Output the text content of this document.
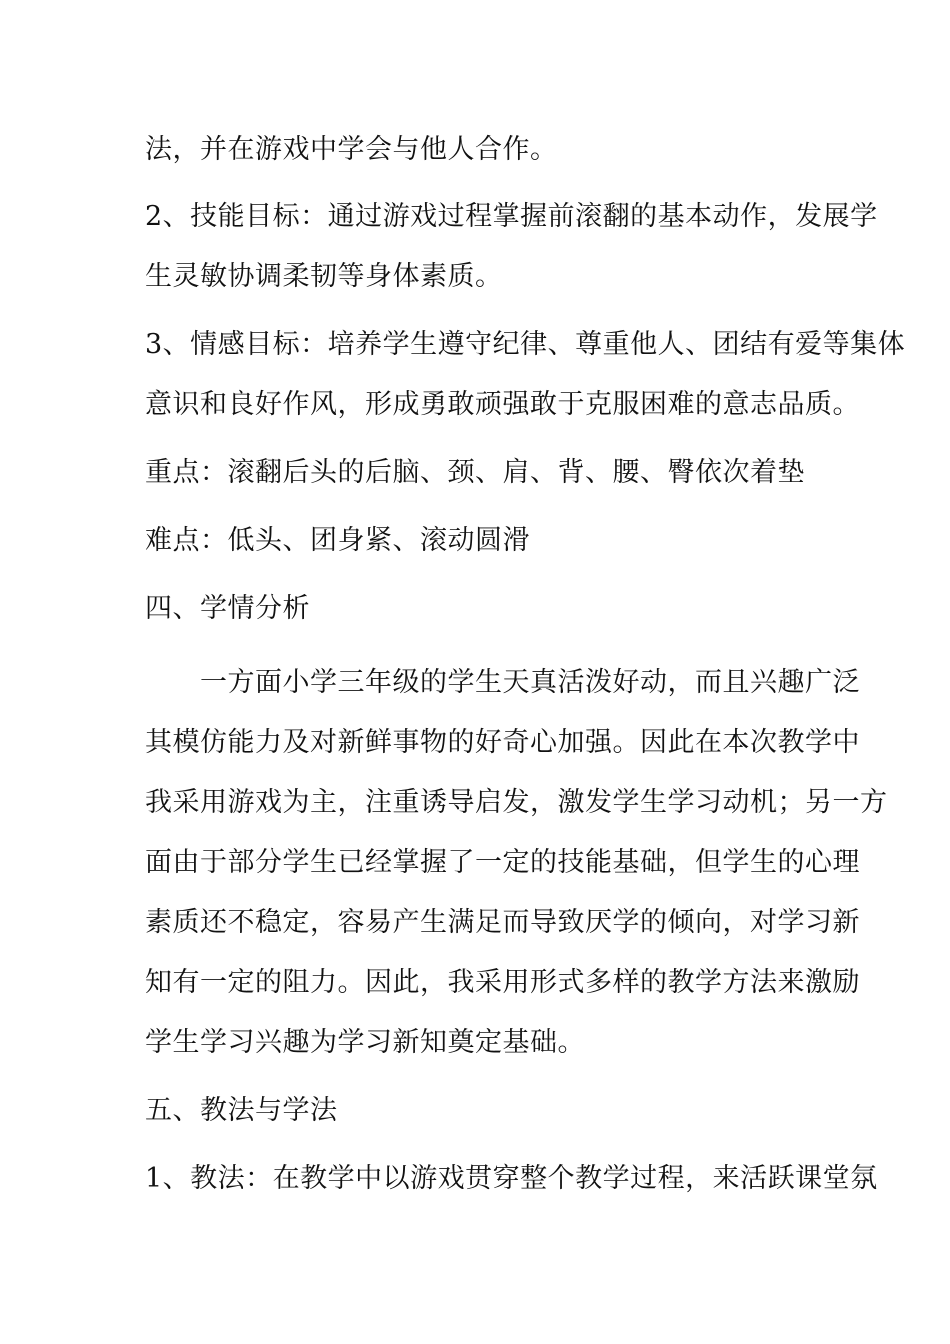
法，并在游戏中学会与他人合作。
2、技能目标：通过游戏过程掌握前滚翻的基本动作，发展学
生灵敏协调柔韧等身体素质。
3、情感目标：培养学生遵守纪律、尊重他人、团结有爱等集体
意识和良好作风，形成勇敢顽强敢于克服困难的意志品质。
重点：滚翻后头的后脑、颈、肩、背、腰、臀依次着垫
难点：低头、团身紧、滚动圆滑
四、学情分析
一方面小学三年级的学生天真活泼好动，而且兴趣广泛
其模仿能力及对新鲜事物的好奇心加强。因此在本次教学中
我采用游戏为主，注重诱导启发，激发学生学习动机；另一方
面由于部分学生已经掌握了一定的技能基础，但学生的心理
素质还不稳定，容易产生满足而导致厌学的倾向，对学习新
知有一定的阻力。因此，我采用形式多样的教学方法来激励
学生学习兴趣为学习新知奠定基础。
五、教法与学法
1、教法：在教学中以游戏贯穿整个教学过程，来活跃课堂氛
